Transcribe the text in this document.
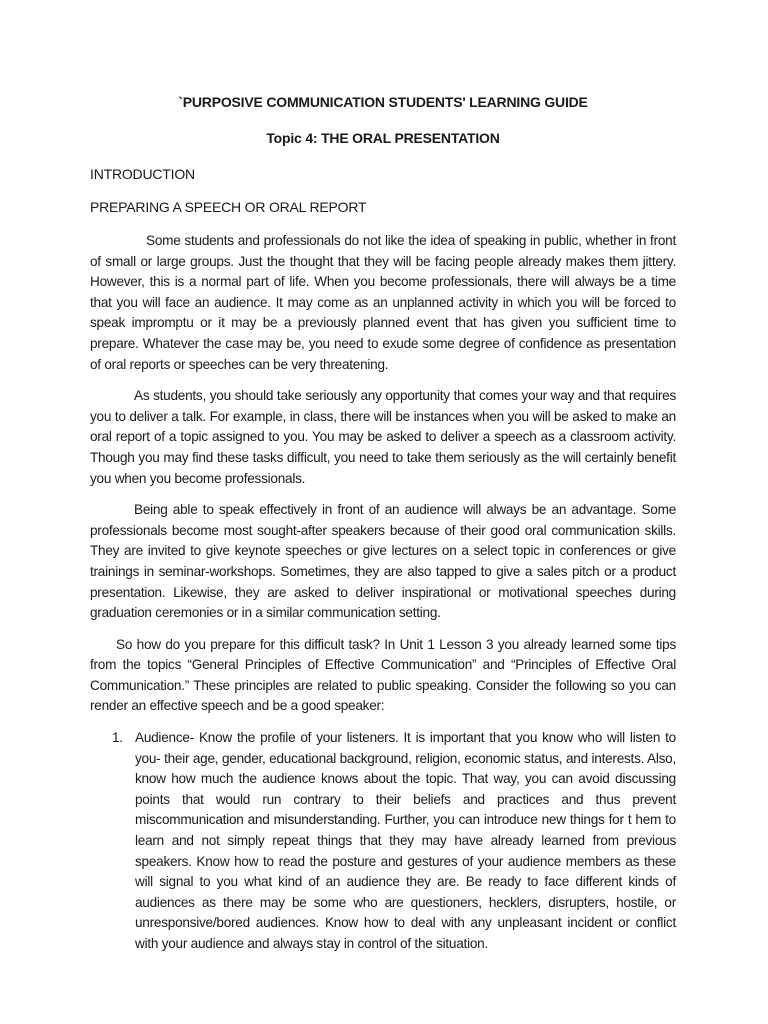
`PURPOSIVE COMMUNICATION STUDENTS' LEARNING GUIDE
Topic 4: THE ORAL PRESENTATION
INTRODUCTION
PREPARING A SPEECH OR ORAL REPORT

Some students and professionals do not like the idea of speaking in public, whether in front of small or large groups. Just the thought that they will be facing people already makes them jittery. However, this is a normal part of life. When you become professionals, there will always be a time that you will face an audience. It may come as an unplanned activity in which you will be forced to speak impromptu or it may be a previously planned event that has given you sufficient time to prepare. Whatever the case may be, you need to exude some degree of confidence as presentation of oral reports or speeches can be very threatening.

As students, you should take seriously any opportunity that comes your way and that requires you to deliver a talk. For example, in class, there will be instances when you will be asked to make an oral report of a topic assigned to you. You may be asked to deliver a speech as a classroom activity. Though you may find these tasks difficult, you need to take them seriously as the will certainly benefit you when you become professionals.

Being able to speak effectively in front of an audience will always be an advantage. Some professionals become most sought-after speakers because of their good oral communication skills. They are invited to give keynote speeches or give lectures on a select topic in conferences or give trainings in seminar-workshops. Sometimes, they are also tapped to give a sales pitch or a product presentation. Likewise, they are asked to deliver inspirational or motivational speeches during graduation ceremonies or in a similar communication setting.

So how do you prepare for this difficult task? In Unit 1 Lesson 3 you already learned some tips from the topics “General Principles of Effective Communication” and “Principles of Effective Oral Communication.” These principles are related to public speaking. Consider the following so you can render an effective speech and be a good speaker:

1. Audience- Know the profile of your listeners. It is important that you know who will listen to you- their age, gender, educational background, religion, economic status, and interests. Also, know how much the audience knows about the topic. That way, you can avoid discussing points that would run contrary to their beliefs and practices and thus prevent miscommunication and misunderstanding. Further, you can introduce new things for t hem to learn and not simply repeat things that they may have already learned from previous speakers. Know how to read the posture and gestures of your audience members as these will signal to you what kind of an audience they are. Be ready to face different kinds of audiences as there may be some who are questioners, hecklers, disrupters, hostile, or unresponsive/bored audiences. Know how to deal with any unpleasant incident or conflict with your audience and always stay in control of the situation.
